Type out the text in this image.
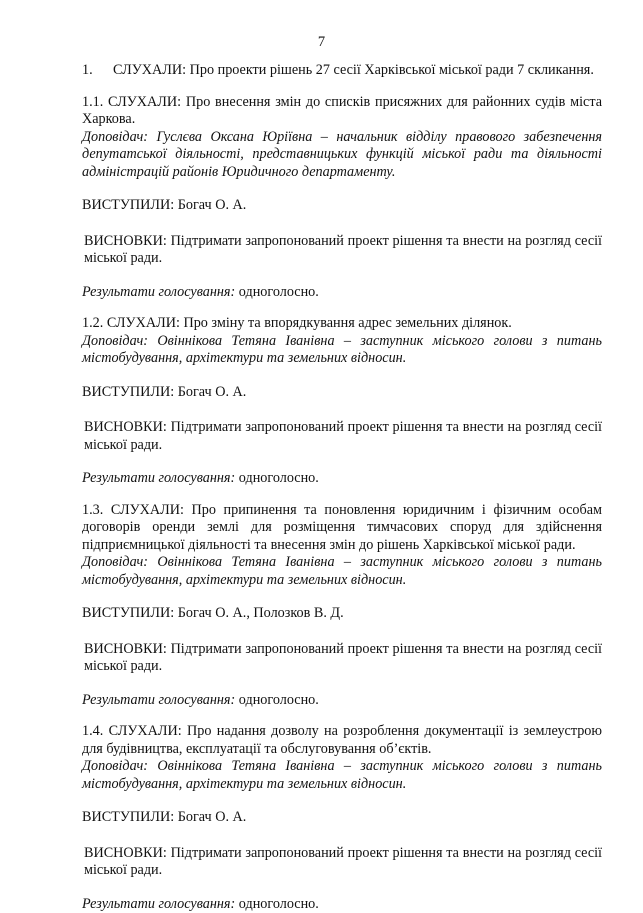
7
1.	СЛУХАЛИ: Про проекти рішень 27 сесії Харківської міської ради 7 скликання.

1.1. СЛУХАЛИ: Про внесення змін до списків присяжних для районних судів міста Харкова.

Доповідач: Гуслєва Оксана Юріївна – начальник відділу правового забезпечення депутатської діяльності, представницьких функцій міської ради та діяльності адміністрацій районів Юридичного департаменту.

ВИСТУПИЛИ: Богач О. А.

ВИСНОВКИ: Підтримати запропонований проект рішення та внести на розгляд сесії міської ради.

Результати голосування: одноголосно.

1.2. СЛУХАЛИ: Про зміну та впорядкування адрес земельних ділянок.

Доповідач: Овіннікова Тетяна Іванівна – заступник міського голови з питань містобудування, архітектури та земельних відносин.

ВИСТУПИЛИ: Богач О. А.

ВИСНОВКИ: Підтримати запропонований проект рішення та внести на розгляд сесії міської ради.

Результати голосування: одноголосно.

1.3. СЛУХАЛИ: Про припинення та поновлення юридичним і фізичним особам договорів оренди землі для розміщення тимчасових споруд для здійснення підприємницької діяльності та внесення змін до рішень Харківської міської ради.

Доповідач: Овіннікова Тетяна Іванівна – заступник міського голови з питань містобудування, архітектури та земельних відносин.

ВИСТУПИЛИ: Богач О. А., Полозков В. Д.

ВИСНОВКИ: Підтримати запропонований проект рішення та внести на розгляд сесії міської ради.

Результати голосування: одноголосно.

1.4. СЛУХАЛИ: Про надання дозволу на розроблення документації із землеустрою для будівництва, експлуатації та обслуговування об’єктів.

Доповідач: Овіннікова Тетяна Іванівна – заступник міського голови з питань містобудування, архітектури та земельних відносин.

ВИСТУПИЛИ: Богач О. А.

ВИСНОВКИ: Підтримати запропонований проект рішення та внести на розгляд сесії міської ради.

Результати голосування: одноголосно.
